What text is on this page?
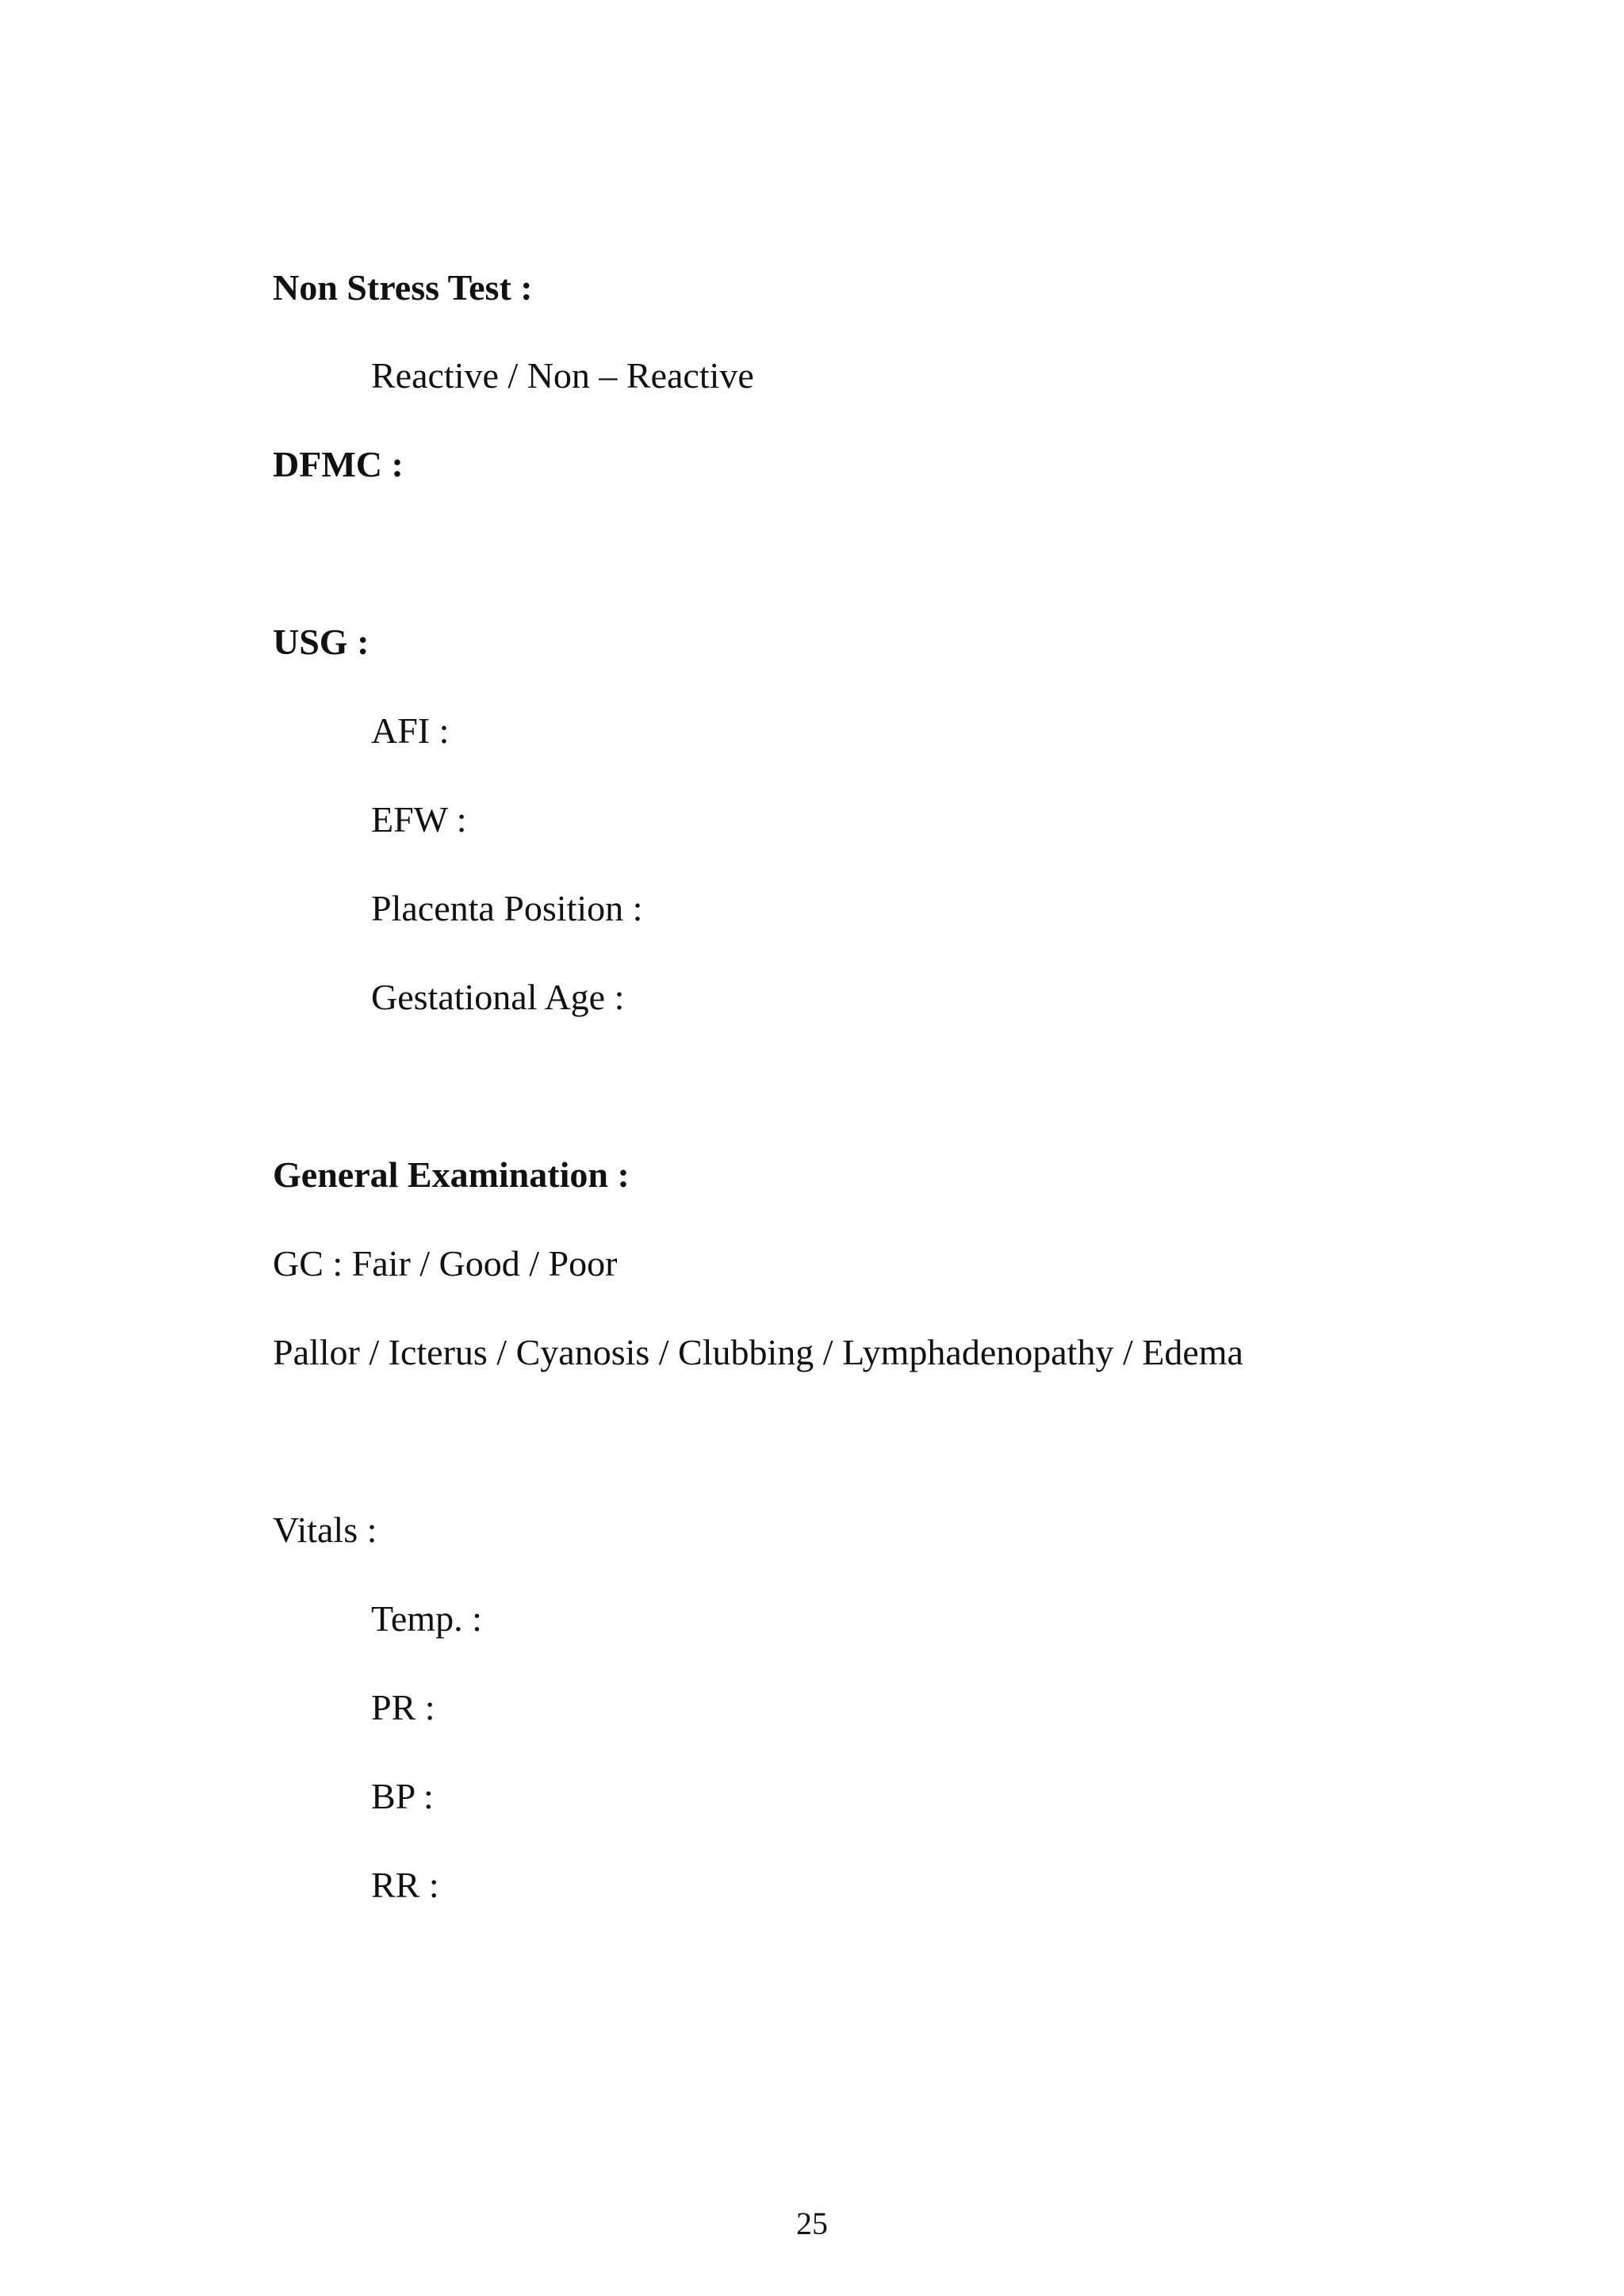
Non Stress Test :
Reactive / Non – Reactive
DFMC :
USG :
AFI :
EFW :
Placenta Position :
Gestational Age :
General Examination :
GC : Fair / Good / Poor
Pallor / Icterus / Cyanosis / Clubbing / Lymphadenopathy / Edema
Vitals :
Temp. :
PR :
BP :
RR :
25
